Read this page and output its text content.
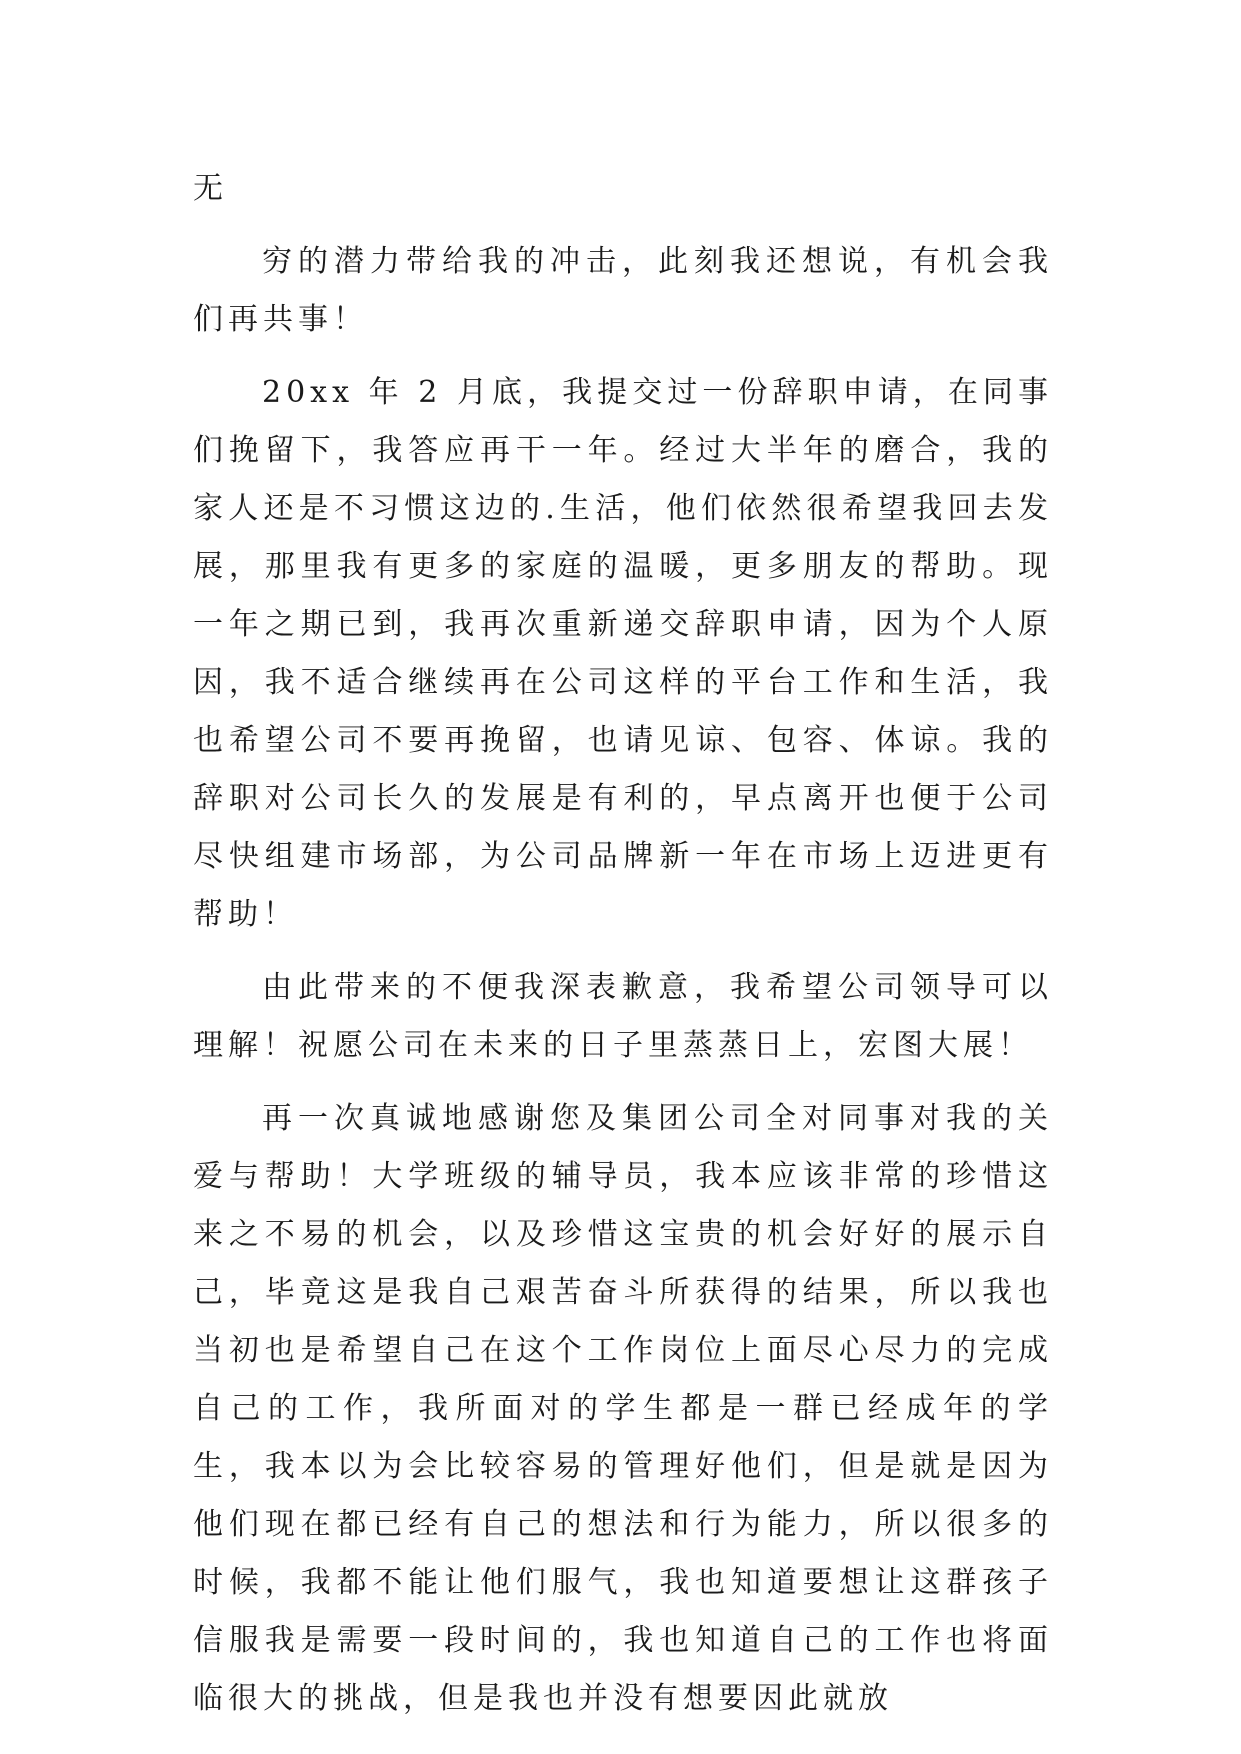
无

穷的潜力带给我的冲击，此刻我还想说，有机会我们再共事！

20xx 年 2 月底，我提交过一份辞职申请，在同事们挽留下，我答应再干一年。经过大半年的磨合，我的家人还是不习惯这边的.生活，他们依然很希望我回去发展，那里我有更多的家庭的温暖，更多朋友的帮助。现一年之期已到，我再次重新递交辞职申请，因为个人原因，我不适合继续再在公司这样的平台工作和生活，我也希望公司不要再挽留，也请见谅、包容、体谅。我的辞职对公司长久的发展是有利的，早点离开也便于公司尽快组建市场部，为公司品牌新一年在市场上迈进更有帮助！

由此带来的不便我深表歉意，我希望公司领导可以理解！祝愿公司在未来的日子里蒸蒸日上，宏图大展！

再一次真诚地感谢您及集团公司全对同事对我的关爱与帮助！大学班级的辅导员，我本应该非常的珍惜这来之不易的机会，以及珍惜这宝贵的机会好好的展示自己，毕竟这是我自己艰苦奋斗所获得的结果，所以我也当初也是希望自己在这个工作岗位上面尽心尽力的完成自己的工作，我所面对的学生都是一群已经成年的学生，我本以为会比较容易的管理好他们，但是就是因为他们现在都已经有自己的想法和行为能力，所以很多的时候，我都不能让他们服气，我也知道要想让这群孩子信服我是需要一段时间的，我也知道自己的工作也将面临很大的挑战，但是我也并没有想要因此就放
